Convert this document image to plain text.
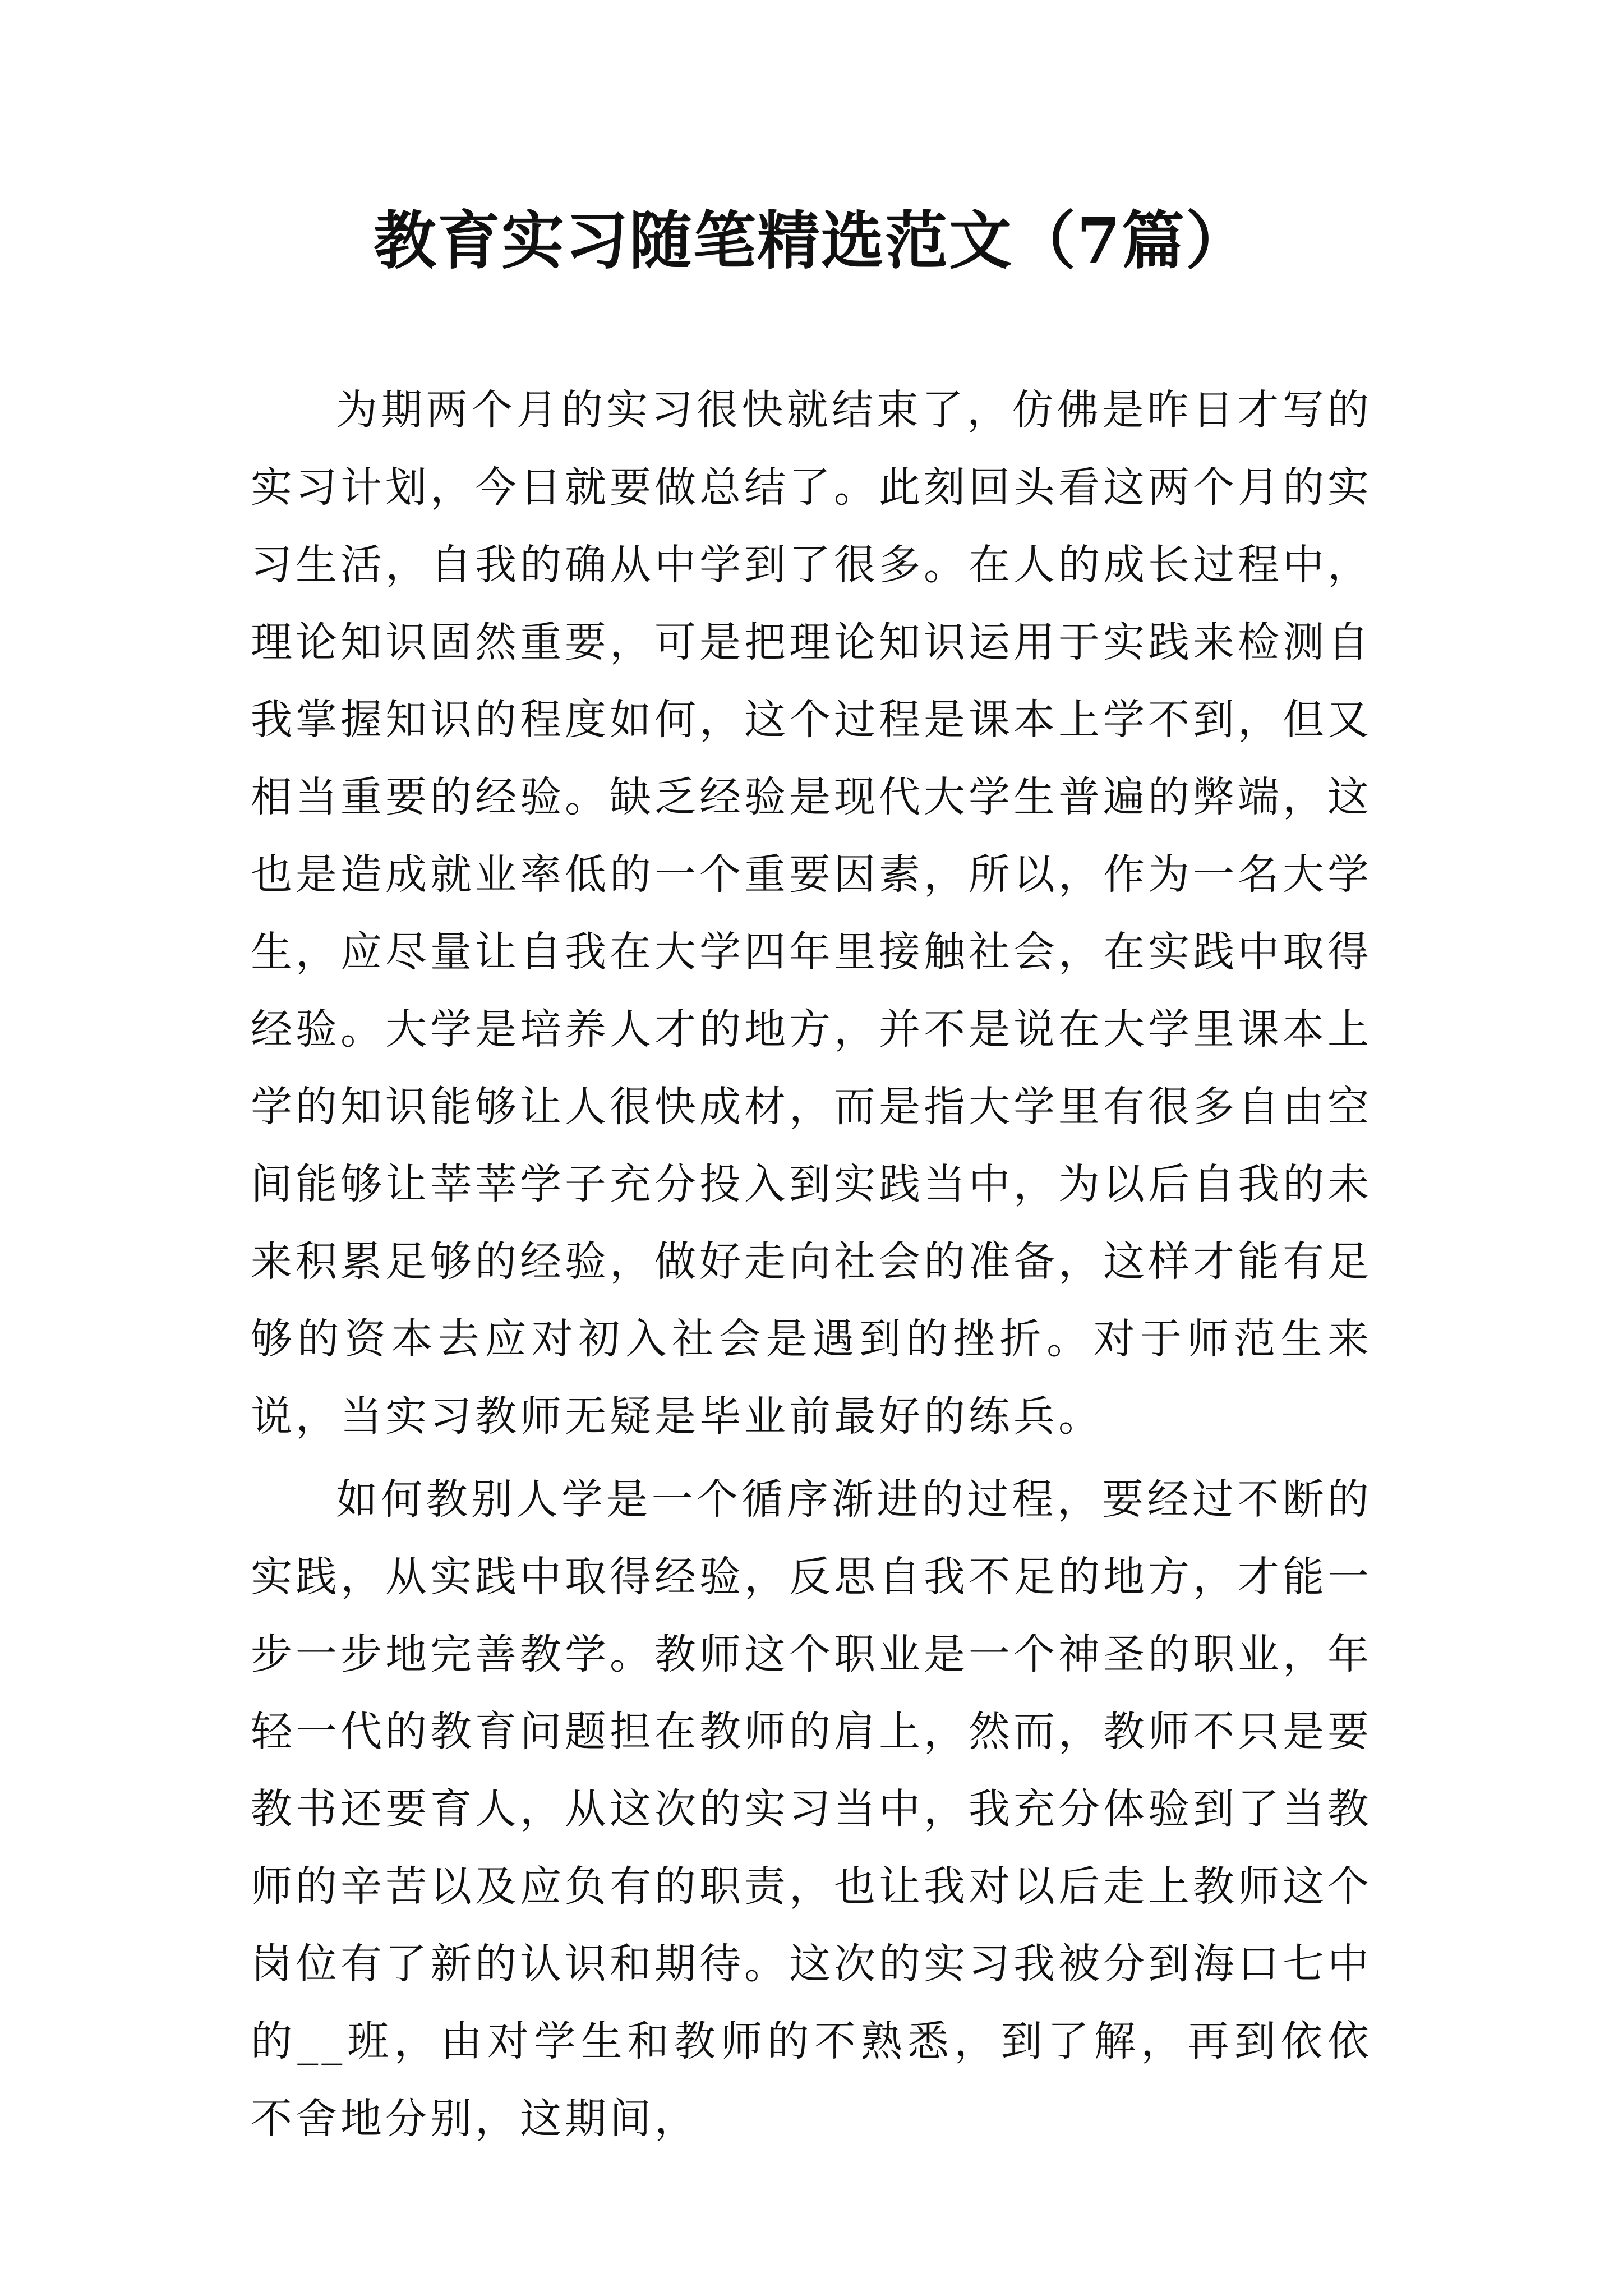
教育实习随笔精选范文（7篇）

为期两个月的实习很快就结束了，仿佛是昨日才写的实习计划，今日就要做总结了。此刻回头看这两个月的实习生活，自我的确从中学到了很多。在人的成长过程中，理论知识固然重要，可是把理论知识运用于实践来检测自我掌握知识的程度如何，这个过程是课本上学不到，但又相当重要的经验。缺乏经验是现代大学生普遍的弊端，这也是造成就业率低的一个重要因素，所以，作为一名大学生，应尽量让自我在大学四年里接触社会，在实践中取得经验。大学是培养人才的地方，并不是说在大学里课本上学的知识能够让人很快成材，而是指大学里有很多自由空间能够让莘莘学子充分投入到实践当中，为以后自我的未来积累足够的经验，做好走向社会的准备，这样才能有足够的资本去应对初入社会是遇到的挫折。对于师范生来说，当实习教师无疑是毕业前最好的练兵。

如何教别人学是一个循序渐进的过程，要经过不断的实践，从实践中取得经验，反思自我不足的地方，才能一步一步地完善教学。教师这个职业是一个神圣的职业，年轻一代的教育问题担在教师的肩上，然而，教师不只是要教书还要育人，从这次的实习当中，我充分体验到了当教师的辛苦以及应负有的职责，也让我对以后走上教师这个岗位有了新的认识和期待。这次的实习我被分到海口七中的__班，由对学生和教师的不熟悉，到了解，再到依依不舍地分别，这期间，
